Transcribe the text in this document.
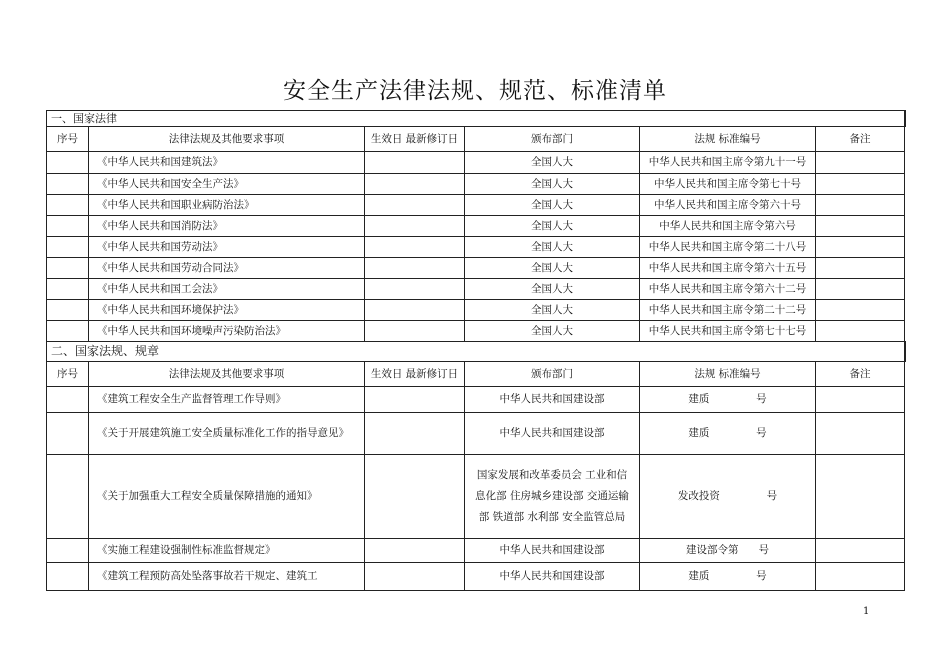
安全生产法律法规、规范、标准清单
一、国家法律					
序号	法律法规及其他要求事项	生效日 最新修订日	颁布部门	法规 标准编号	备注
	《中华人民共和国建筑法》		全国人大	中华人民共和国主席令第九十一号	
	《中华人民共和国安全生产法》		全国人大	中华人民共和国主席令第七十号	
	《中华人民共和国职业病防治法》		全国人大	中华人民共和国主席令第六十号	
	《中华人民共和国消防法》		全国人大	中华人民共和国主席令第六号	
	《中华人民共和国劳动法》		全国人大	中华人民共和国主席令第二十八号	
	《中华人民共和国劳动合同法》		全国人大	中华人民共和国主席令第六十五号	
	《中华人民共和国工会法》		全国人大	中华人民共和国主席令第六十二号	
	《中华人民共和国环境保护法》		全国人大	中华人民共和国主席令第二十二号	
	《中华人民共和国环境噪声污染防治法》		全国人大	中华人民共和国主席令第七十七号	
二、国家法规、规章					
序号	法律法规及其他要求事项	生效日 最新修订日	颁布部门	法规 标准编号	备注
	《建筑工程安全生产监督管理工作导则》		中华人民共和国建设部	建质              号	
	《关于开展建筑施工安全质量标准化工作的指导意见》		中华人民共和国建设部	建质              号	
	《关于加强重大工程安全质量保障措施的通知》		国家发展和改革委员会 工业和信息化部 住房城乡建设部 交通运输 部 铁道部 水利部 安全监管总局	发改投资              号	
	《实施工程建设强制性标准监督规定》		中华人民共和国建设部	建设部令第      号	
	《建筑工程预防高处坠落事故若干规定、建筑工		中华人民共和国建设部	建质              号	
1
